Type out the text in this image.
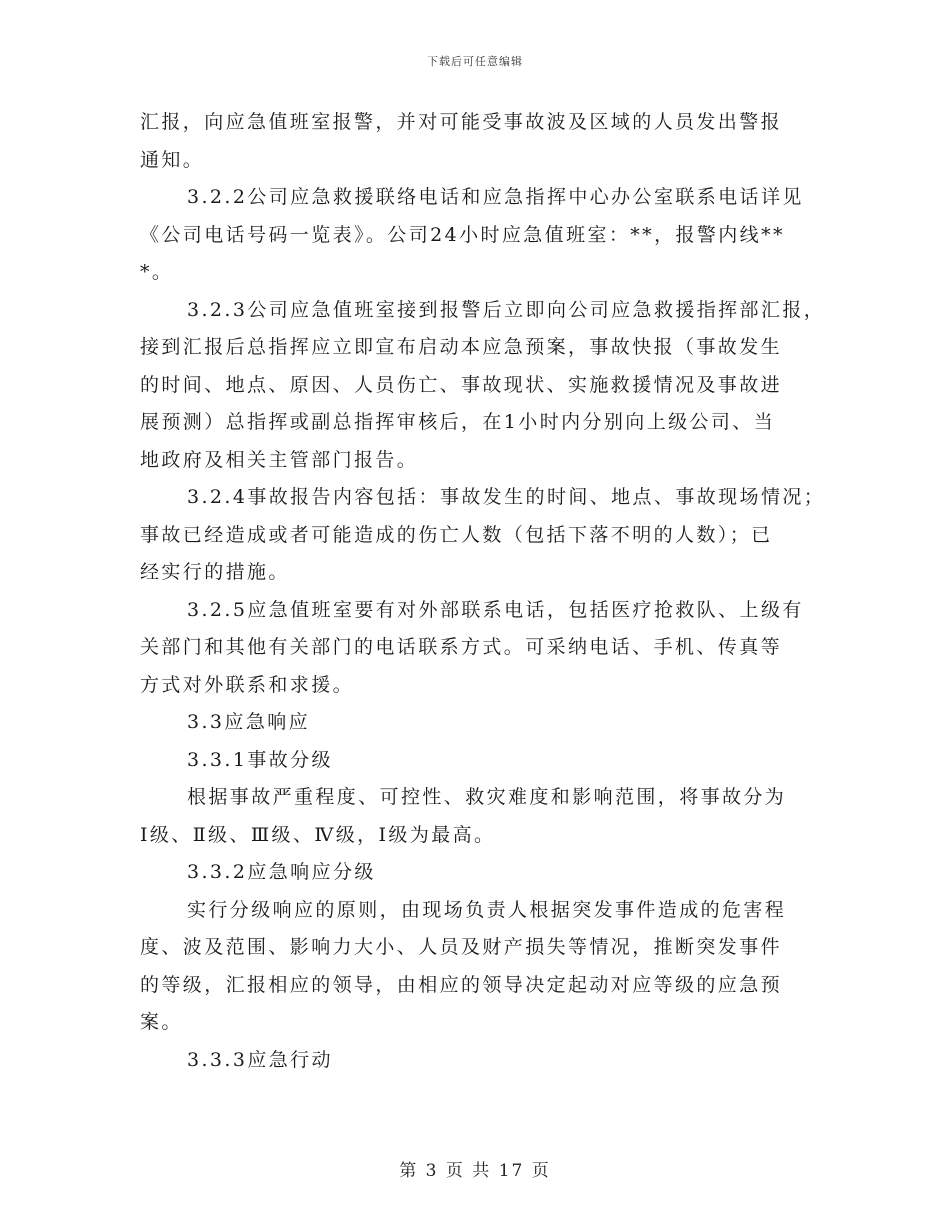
下载后可任意编辑
汇报，向应急值班室报警，并对可能受事故波及区域的人员发出警报
通知。
3.2.2公司应急救援联络电话和应急指挥中心办公室联系电话详见
《公司电话号码一览表》。公司24小时应急值班室：**，报警内线**
*。
3.2.3公司应急值班室接到报警后立即向公司应急救援指挥部汇报，
接到汇报后总指挥应立即宣布启动本应急预案，事故快报（事故发生
的时间、地点、原因、人员伤亡、事故现状、实施救援情况及事故进
展预测）总指挥或副总指挥审核后，在1小时内分别向上级公司、当
地政府及相关主管部门报告。
3.2.4事故报告内容包括：事故发生的时间、地点、事故现场情况；
事故已经造成或者可能造成的伤亡人数（包括下落不明的人数）；已
经实行的措施。
3.2.5应急值班室要有对外部联系电话，包括医疗抢救队、上级有
关部门和其他有关部门的电话联系方式。可采纳电话、手机、传真等
方式对外联系和求援。
3.3应急响应
3.3.1事故分级
根据事故严重程度、可控性、救灾难度和影响范围，将事故分为
Ⅰ级、Ⅱ级、Ⅲ级、Ⅳ级，Ⅰ级为最高。
3.3.2应急响应分级
实行分级响应的原则，由现场负责人根据突发事件造成的危害程
度、波及范围、影响力大小、人员及财产损失等情况，推断突发事件
的等级，汇报相应的领导，由相应的领导决定起动对应等级的应急预
案。
3.3.3应急行动
第 3 页 共 17 页
